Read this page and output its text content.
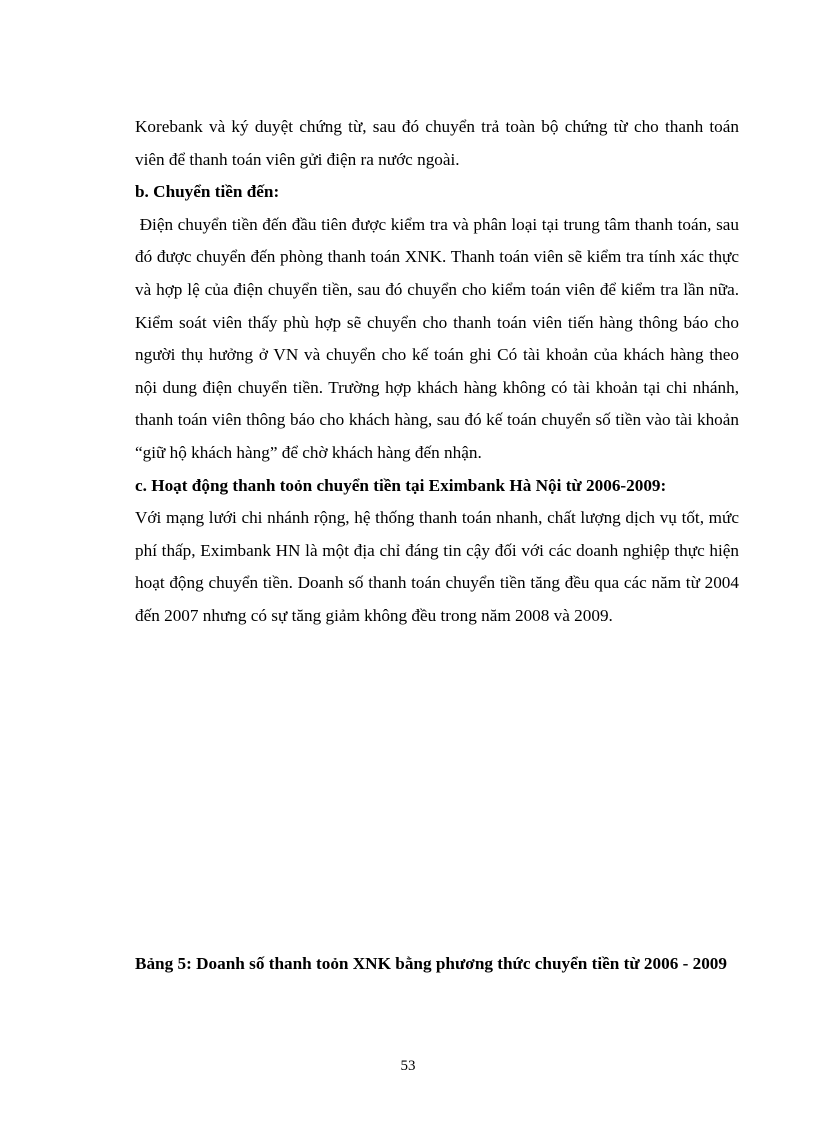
Korebank và ký duyệt chứng từ, sau đó chuyển trả toàn bộ chứng từ cho thanh toán viên để thanh toán viên gửi điện ra nước ngoài.

b. Chuyển tiền đến:

Điện chuyển tiền đến đầu tiên được kiểm tra và phân loại tại trung tâm thanh toán, sau đó được chuyển đến phòng thanh toán XNK. Thanh toán viên sẽ kiểm tra tính xác thực và hợp lệ của điện chuyển tiền, sau đó chuyển cho kiểm toán viên để kiểm tra lần nữa. Kiểm soát viên thấy phù hợp sẽ chuyển cho thanh toán viên tiến hàng thông báo cho người thụ hưởng ở VN và chuyển cho kế toán ghi Có tài khoản của khách hàng theo nội dung điện chuyển tiền. Trường hợp khách hàng không có tài khoản tại chi nhánh, thanh toán viên thông báo cho khách hàng, sau đó kế toán chuyển số tiền vào tài khoản “giữ hộ khách hàng” để chờ khách hàng đến nhận.

c. Hoạt động thanh toỏn chuyển tiền tại Eximbank Hà Nội từ 2006-2009:

Với mạng lưới chi nhánh rộng, hệ thống thanh toán nhanh, chất lượng dịch vụ tốt, mức phí thấp, Eximbank HN là một địa chỉ đáng tin cậy đối với các doanh nghiệp thực hiện hoạt động chuyển tiền. Doanh số thanh toán chuyển tiền tăng đều qua các năm từ 2004 đến 2007 nhưng có sự tăng giảm không đều trong năm 2008 và 2009.

Bảng 5: Doanh số thanh toỏn XNK bằng phương thức chuyển tiền từ 2006 - 2009

53
